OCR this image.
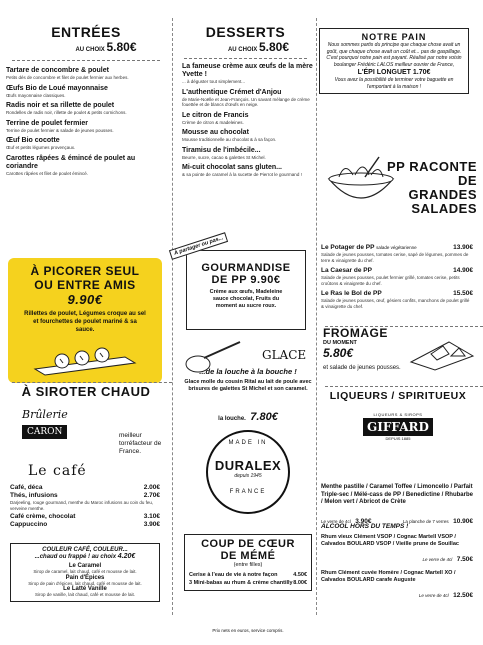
ENTRÉES
AU CHOIX 5.80€
Tartare de concombre & poulet
Petits dés de concombre et filet de poulet fermier aux herbes.
Œufs Bio de Loué mayonnaise
Œufs mayonnaise classiques.
Radis noir et sa rillette de poulet
Rondelles de radis noir, rillette de poulet & petits cornichons.
Terrine de poulet fermier
Terrine de poulet fermier & salade de jeunes pousses.
Œuf Bio cocotte
Œuf et petits légumes provençaux.
Carottes râpées & émincé de poulet au coriandre
Carottes râpées et filet de poulet émincé.
À PICORER SEUL
OU ENTRE AMIS
9.90€
Rillettes de poulet, Légumes croque au sel et fourchettes de poulet mariné & sa sauce.
À SIROTER CHAUD
Brûlerie
CARON	meilleur torréfacteur de France.
Le café
Café, déca	2.00€
Thés, infusions	2.70€
Darjeeling, rouge gourmand, menthe du Maroc infusions au coin du feu, verveine menthe.
Café crème, chocolat	3.10€
Cappuccino	3.90€
COULEUR CAFÉ, COULEUR...
...chaud ou frappé ! au choix 4.20€
Le Caramel
Sirop de caramel, lait chaud, café et mousse de lait.
Pain d'Épices
Sirop de pain d'épices, lait chaud, café et mousse de lait.
Le Latté Vanille
Sirop de vanille, lait chaud, café et mousse de lait.
DESSERTS
AU CHOIX 5.80€
La fameuse crème aux œufs de la mère Yvette !
... à déguster tout simplement...
L'authentique Crémet d'Anjou
de Marie-Noëlle et Jean-François. Un savant mélange de crème fouettée et de blancs d'œufs en neige.
Le citron de Francis
Crème de citron & madeleines.
Mousse au chocolat
Mousse traditionnelle au chocolat & à sa façon.
Tiramisu de l'imbécile...
Beurre, sucre, cacao & galettes St Michel.
Mi-cuit chocolat sans gluten...
& sa pointe de caramel à la sucette de Pierrot le gourmand !
À partager ou pas...
GOURMANDISE
DE PP 9.90€
Crème aux œufs, Madeleine sauce chocolat, Fruits du moment au sucre roux.
GLACE
...de la louche à la bouche !
Glace molle du cousin Rital au lait de poule avec brisures de galettes St Michel et son caramel.
la louche. 7.80€
MADE IN
DURALEX
depuis 1945
FRANCE
COUP DE CŒUR
DE MÉMÉ
(entre filles)
Cerise à l'eau de vie à notre façon	4.50€
3 Mini-babas au rhum & crème chantilly 8.00€
Prix nets en euros, service compris.
NOTRE PAIN
Nous sommes partis du principe que chaque chose avait un goût, que chaque chose avait un coût et... pas de gaspillage. C'est pourquoi notre pain est payant. Réalisé par notre voisin boulanger Frédéric LALOS meilleur ouvrier de France,
L'ÉPI LONGUET 1.70€
Vous avez la possibilité de terminer votre baguette en l'emportant à la maison !
PP RACONTE
DE
GRANDES
SALADES
Le Potager de PP salade végétarienne	13.90€
Salade de jeunes pousses, tomates cerise, sapé de légumes, pommes de terre & vinaigrette du chef.
La Caesar de PP	14.90€
Salade de jeunes pousses, poulet fermier grillé, tomates cerise, petits croûtons & vinaigrette du chef.
Le Ras le Bol de PP	15.50€
Salade de jeunes pousses, œuf, gésiers confits, manchons de poulet grillé & vinaigrette du chef.
FROMAGE
DU MOMENT
5.80€
et salade de jeunes pousses.
LIQUEURS / SPIRITUEUX
LIQUEURS & SIROPS
GIFFARD
DEPUIS 1885
Menthe pastille / Caramel Toffee / Limoncello / Parfait Triple-sec / Mélé-cass de PP / Benedictine / Rhubarbe / Melon vert / Abricot de Crète
Le verre de 4cl 3.90€	La planche de 7 verres 10.90€
ALCOOL HORS DU TEMPS !
Rhum vieux Clément VSOP / Cognac Martell VSOP / Calvados BOULARD VSOP / Vieille prune de Souillac
Le verre de 4cl 7.50€
Rhum Clément cuvée Homère / Cognac Martell XO / Calvados BOULARD carafe Auguste
Le verre de 4cl 12.50€
